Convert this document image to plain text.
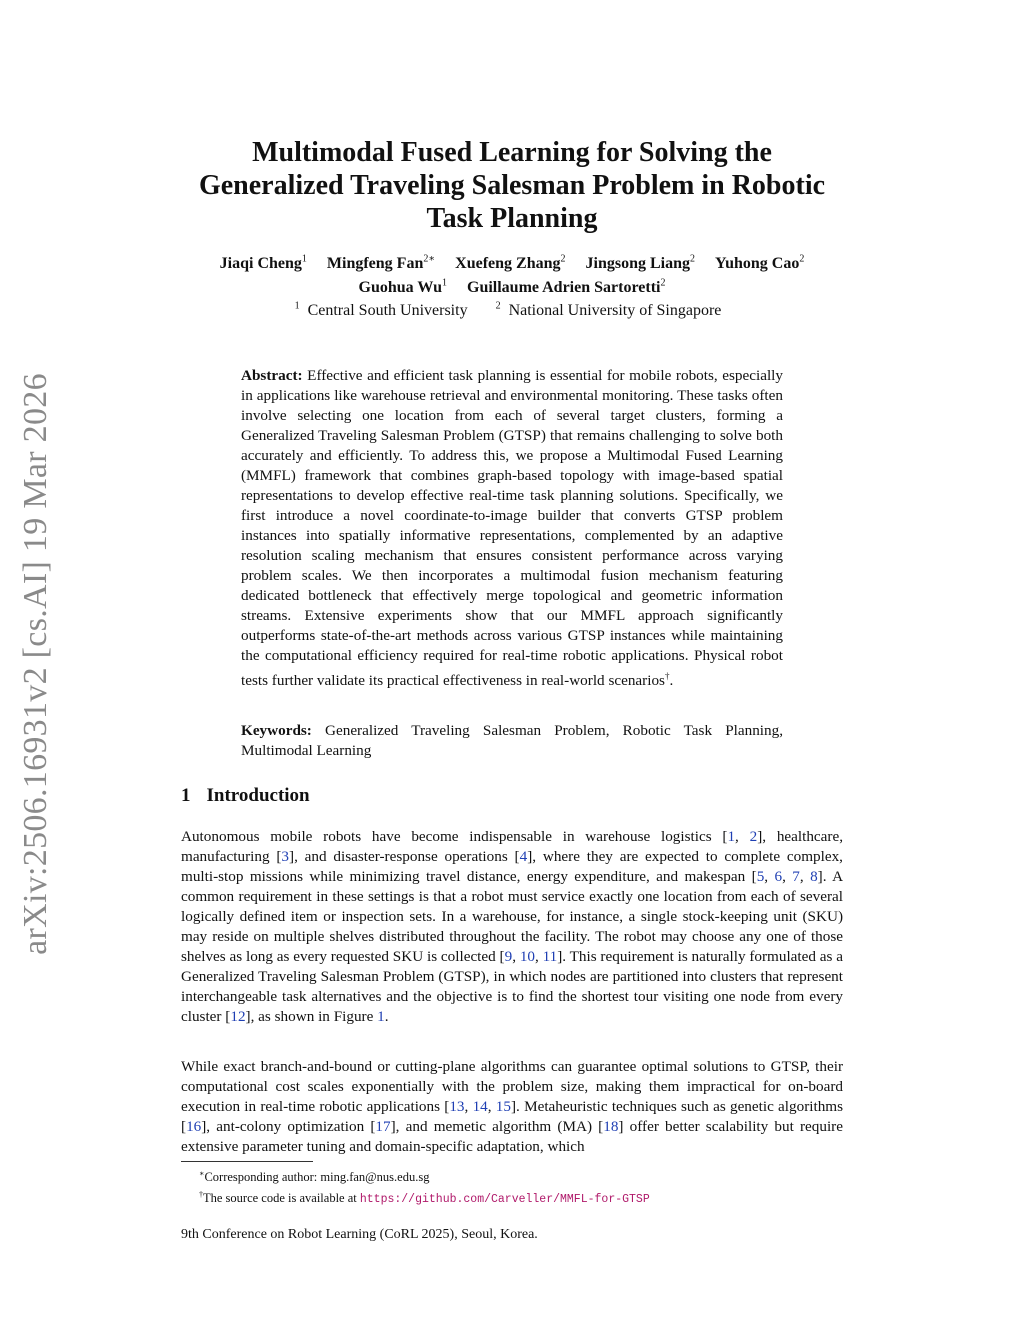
arXiv:2506.16931v2 [cs.AI] 19 Mar 2026
Multimodal Fused Learning for Solving the
Generalized Traveling Salesman Problem in Robotic
Task Planning
Jiaqi Cheng$^1$ Mingfeng Fan$^{2∗}$ Xuefeng Zhang$^2$ Jingsong Liang$^2$ Yuhong Cao$^2$
Guohua Wu$^1$ Guillaume Adrien Sartoretti$^2$
$^1$ Central South University	$^2$ National University of Singapore

Abstract: Effective and efficient task planning is essential for mobile robots, especially in applications like warehouse retrieval and environmental monitoring. These tasks often involve selecting one location from each of several target clusters, forming a Generalized Traveling Salesman Problem (GTSP) that remains challenging to solve both accurately and efficiently. To address this, we propose a Multimodal Fused Learning (MMFL) framework that combines graph-based topology with image-based spatial representations to develop effective real-time task planning solutions. Specifically, we first introduce a novel coordinate-to-image builder that converts GTSP problem instances into spatially informative representations, complemented by an adaptive resolution scaling mechanism that ensures consistent performance across varying problem scales. We then incorporates a multimodal fusion mechanism featuring dedicated bottleneck that effectively merge topological and geometric information streams. Extensive experiments show that our MMFL approach significantly outperforms state-of-the-art methods across various GTSP instances while maintaining the computational efficiency required for real-time robotic applications. Physical robot tests further validate its practical effectiveness in real-world scenarios†.

Keywords: Generalized Traveling Salesman Problem, Robotic Task Planning, Multimodal Learning

1 Introduction

Autonomous mobile robots have become indispensable in warehouse logistics [1, 2], healthcare, manufacturing [3], and disaster-response operations [4], where they are expected to complete complex, multi-stop missions while minimizing travel distance, energy expenditure, and makespan [5, 6, 7, 8]. A common requirement in these settings is that a robot must service exactly one location from each of several logically defined item or inspection sets. In a warehouse, for instance, a single stock-keeping unit (SKU) may reside on multiple shelves distributed throughout the facility. The robot may choose any one of those shelves as long as every requested SKU is collected [9, 10, 11]. This requirement is naturally formulated as a Generalized Traveling Salesman Problem (GTSP), in which nodes are partitioned into clusters that represent interchangeable task alternatives and the objective is to find the shortest tour visiting one node from every cluster [12], as shown in Figure 1.

While exact branch-and-bound or cutting-plane algorithms can guarantee optimal solutions to GTSP, their computational cost scales exponentially with the problem size, making them impractical for on-board execution in real-time robotic applications [13, 14, 15]. Metaheuristic techniques such as genetic algorithms [16], ant-colony optimization [17], and memetic algorithm (MA) [18] offer better scalability but require extensive parameter tuning and domain-specific adaptation, which

∗Corresponding author: ming.fan@nus.edu.sg
†The source code is available at https://github.com/Carveller/MMFL-for-GTSP
9th Conference on Robot Learning (CoRL 2025), Seoul, Korea.
